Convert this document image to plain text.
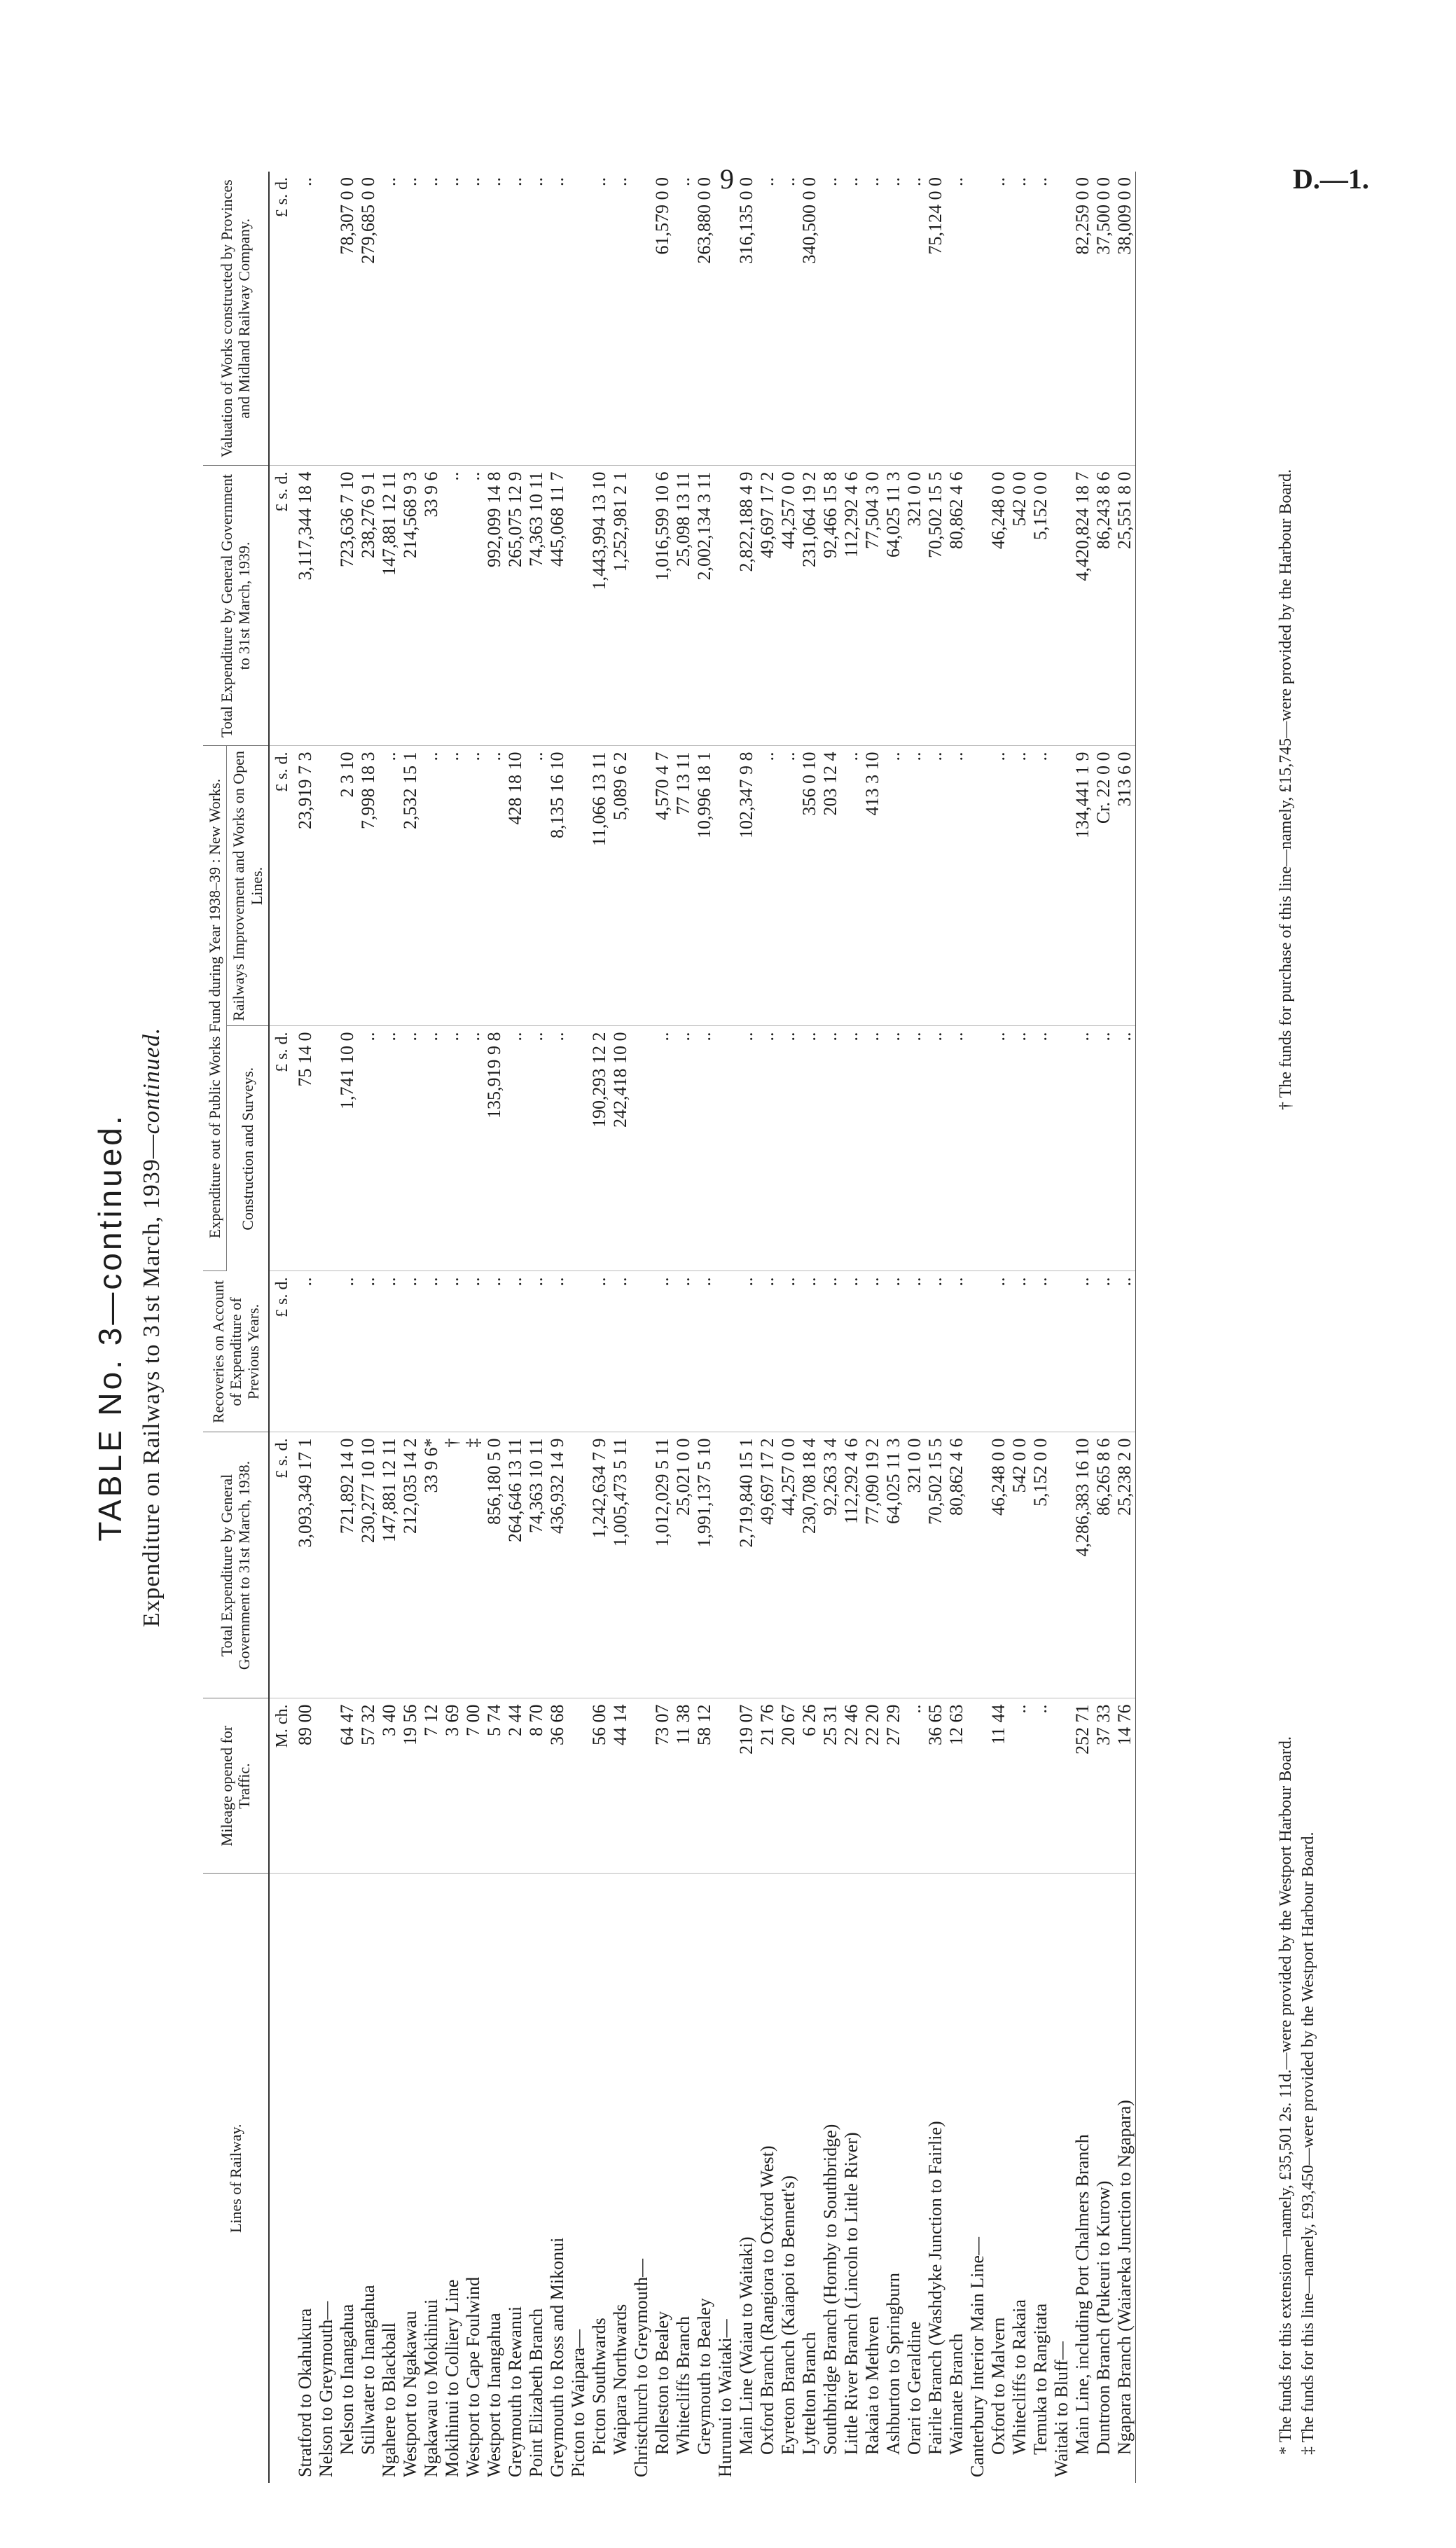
9	D.—1.
TABLE No. 3—continued. Expenditure on Railways to 31st March, 1939—continued.
Lines of Railway.	Mileage opened for Traffic.	Total Expenditure by General Government to 31st March, 1938.	Recoveries on Account of Expenditure of Previous Years.	Expenditure out of Public Works Fund during Year 1938–39 : New Works.		Total Expenditure by General Government to 31st March, 1939.	Valuation of Works constructed by Provinces and Midland Railway Company.
				Construction and Surveys.	Railways Improvement and Works on Open Lines.		
	M. ch.	£ s. d.	£ s. d.	£ s. d.	£ s. d.	£ s. d.	£ s. d.
Stratford to Okahukura	89 00	3,093,349 17 1	..	75 14 0	23,919 7 3	3,117,344 18 4	..
Nelson to Greymouth—							
Nelson to Inangahua	64 47	721,892 14 0	..	1,741 10 0	2 3 10	723,636 7 10	78,307 0 0
Stillwater to Inangahua	57 32	230,277 10 10	..	..	7,998 18 3	238,276 9 1	279,685 0 0
Ngahere to Blackball	3 40	147,881 12 11	..	..	..	147,881 12 11	..
Westport to Ngakawau	19 56	212,035 14 2	..	..	2,532 15 1	214,568 9 3	..
Ngakawau to Mokihinui	7 12	33 9 6*	..	..	..	33 9 6	..
Mokihinui to Colliery Line	3 69	†	..	..	..	..	..
Westport to Cape Foulwind	7 00	‡	..	..	..	..	..
Westport to Inangahua	5 74	856,180 5 0	..	135,919 9 8	..	992,099 14 8	..
Greymouth to Rewanui	2 44	264,646 13 11	..	..	428 18 10	265,075 12 9	..
Point Elizabeth Branch	8 70	74,363 10 11	..	..	..	74,363 10 11	..
Greymouth to Ross and Mikonui	36 68	436,932 14 9	..	..	8,135 16 10	445,068 11 7	..
Picton to Waipara—							
Picton Southwards	56 06	1,242,634 7 9	..	190,293 12 2	11,066 13 11	1,443,994 13 10	..
Waipara Northwards	44 14	1,005,473 5 11	..	242,418 10 0	5,089 6 2	1,252,981 2 1	..
Christchurch to Greymouth—							
Rolleston to Bealey	73 07	1,012,029 5 11	..	..	4,570 4 7	1,016,599 10 6	61,579 0 0
Whitecliffs Branch	11 38	25,021 0 0	..	..	77 13 11	25,098 13 11	..
Greymouth to Bealey	58 12	1,991,137 5 10	..	..	10,996 18 1	2,002,134 3 11	263,880 0 0
Hurunui to Waitaki—							
Main Line (Waiau to Waitaki)	219 07	2,719,840 15 1	..	..	102,347 9 8	2,822,188 4 9	316,135 0 0
Oxford Branch (Rangiora to Oxford West)	21 76	49,697 17 2	..	..	..	49,697 17 2	..
Eyreton Branch (Kaiapoi to Bennett's)	20 67	44,257 0 0	..	..	..	44,257 0 0	..
Lyttelton Branch	6 26	230,708 18 4	..	..	356 0 10	231,064 19 2	340,500 0 0
Southbridge Branch (Hornby to Southbridge)	25 31	92,263 3 4	..	..	203 12 4	92,466 15 8	..
Little River Branch (Lincoln to Little River)	22 46	112,292 4 6	..	..	..	112,292 4 6	..
Rakaia to Methven	22 20	77,090 19 2	..	..	413 3 10	77,504 3 0	..
Ashburton to Springburn	27 29	64,025 11 3	..	..	..	64,025 11 3	..
Orari to Geraldine	..	321 0 0	..	..	..	321 0 0	..
Fairlie Branch (Washdyke Junction to Fairlie)	36 65	70,502 15 5	..	..	..	70,502 15 5	75,124 0 0
Waimate Branch	12 63	80,862 4 6	..	..	..	80,862 4 6	..
Canterbury Interior Main Line—							
Oxford to Malvern	11 44	46,248 0 0	..	..	..	46,248 0 0	..
Whitecliffs to Rakaia	..	542 0 0	..	..	..	542 0 0	..
Temuka to Rangitata	..	5,152 0 0	..	..	..	5,152 0 0	..
Waitaki to Bluff—							
Main Line, including Port Chalmers Branch	252 71	4,286,383 16 10	..	..	134,441 1 9	4,420,824 18 7	82,259 0 0
Duntroon Branch (Pukeuri to Kurow)	37 33	86,265 8 6	..	..	Cr. 22 0 0	86,243 8 6	37,500 0 0
Ngapara Branch (Waiareka Junction to Ngapara)	14 76	25,238 2 0	..	..	313 6 0	25,551 8 0	38,009 0 0
* The funds for this extension—namely, £35,501 2s. 11d.—were provided by the Westport Harbour Board. ‡ The funds for this line—namely, £93,450—were provided by the Westport Harbour Board.
† The funds for purchase of this line—namely, £15,745—were provided by the Harbour Board.
